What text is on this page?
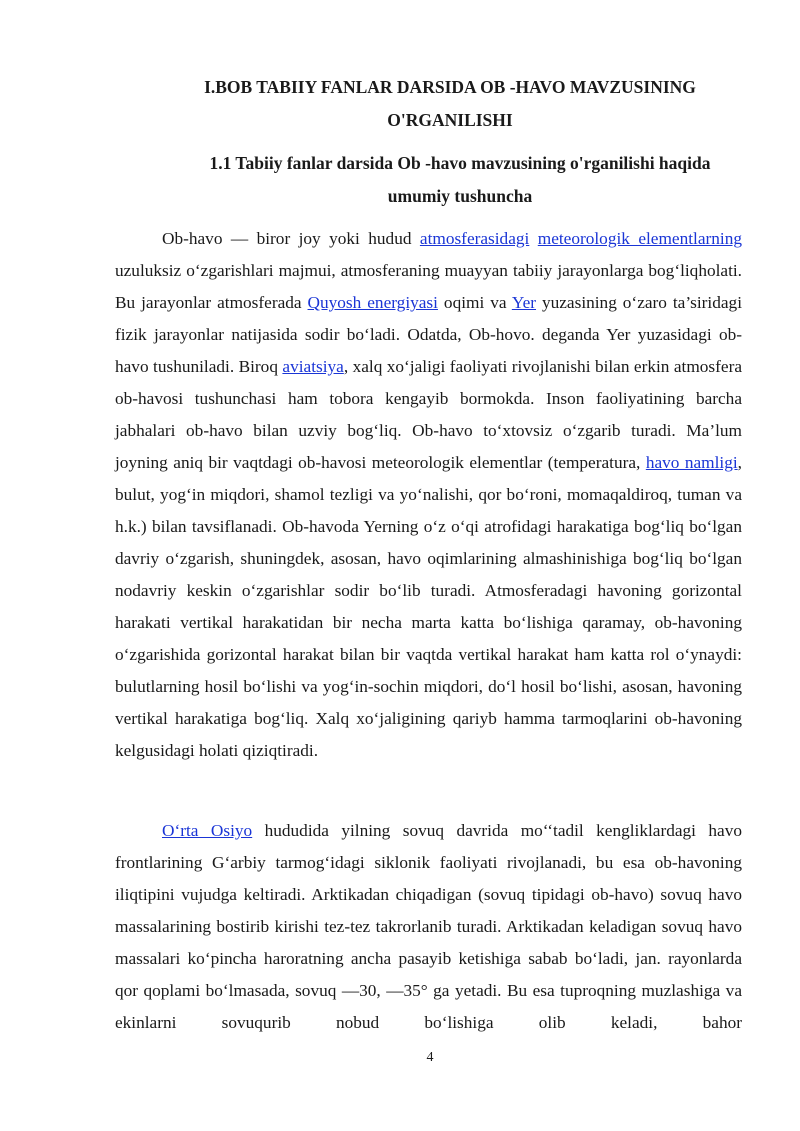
I.BOB TABIIY FANLAR DARSIDA OB -HAVO MAVZUSINING
O'RGANILISHI

1.1 Tabiiy fanlar darsida Ob -havo mavzusining o'rganilishi haqida
umumiy tushuncha

Ob-havo — biror joy yoki hudud atmosferasidagi meteorologik elementlarning uzuluksiz o‘zgarishlari majmui, atmosferaning muayyan tabiiy jarayonlarga bog‘liqholati. Bu jarayonlar atmosferada Quyosh energiyasi oqimi va Yer yuzasining o‘zaro ta’siridagi fizik jarayonlar natijasida sodir bo‘ladi. Odatda, Ob-hovo. deganda Yer yuzasidagi ob-havo tushuniladi. Biroq aviatsiya, xalq xo‘jaligi faoliyati rivojlanishi bilan erkin atmosfera ob-havosi tushunchasi ham tobora kengayib bormokda. Inson faoliyatining barcha jabhalari ob-havo bilan uzviy bog‘liq. Ob-havo to‘xtovsiz o‘zgarib turadi. Ma’lum joyning aniq bir vaqtdagi ob-havosi meteorologik elementlar (temperatura, havo namligi, bulut, yog‘in miqdori, shamol tezligi va yo‘nalishi, qor bo‘roni, momaqaldiroq, tuman va h.k.) bilan tavsiflanadi. Ob-havoda Yerning o‘z o‘qi atrofidagi harakatiga bog‘liq bo‘lgan davriy o‘zgarish, shuningdek, asosan, havo oqimlarining almashinishiga bog‘liq bo‘lgan nodavriy keskin o‘zgarishlar sodir bo‘lib turadi. Atmosferadagi havoning gorizontal harakati vertikal harakatidan bir necha marta katta bo‘lishiga qaramay, ob-havoning o‘zgarishida gorizontal harakat bilan bir vaqtda vertikal harakat ham katta rol o‘ynaydi: bulutlarning hosil bo‘lishi va yog‘in-sochin miqdori, do‘l hosil bo‘lishi, asosan, havoning vertikal harakatiga bog‘liq. Xalq xo‘jaligining qariyb hamma tarmoqlarini ob-havoning kelgusidagi holati qiziqtiradi.

O‘rta Osiyo hududida yilning sovuq davrida mo‘‘tadil kengliklardagi havo frontlarining G‘arbiy tarmog‘idagi siklonik faoliyati rivojlanadi, bu esa ob-havoning iliqtipini vujudga keltiradi. Arktikadan chiqadigan (sovuq tipidagi ob-havo) sovuq havo massalarining bostirib kirishi tez-tez takrorlanib turadi. Arktikadan keladigan sovuq havo massalari ko‘pincha haroratning ancha pasayib ketishiga sabab bo‘ladi, jan. rayonlarda qor qoplami bo‘lmasada, sovuq —30, —35° ga yetadi. Bu esa tuproqning muzlashiga va ekinlarni sovuqurib nobud bo‘lishiga olib keladi, bahor

4
